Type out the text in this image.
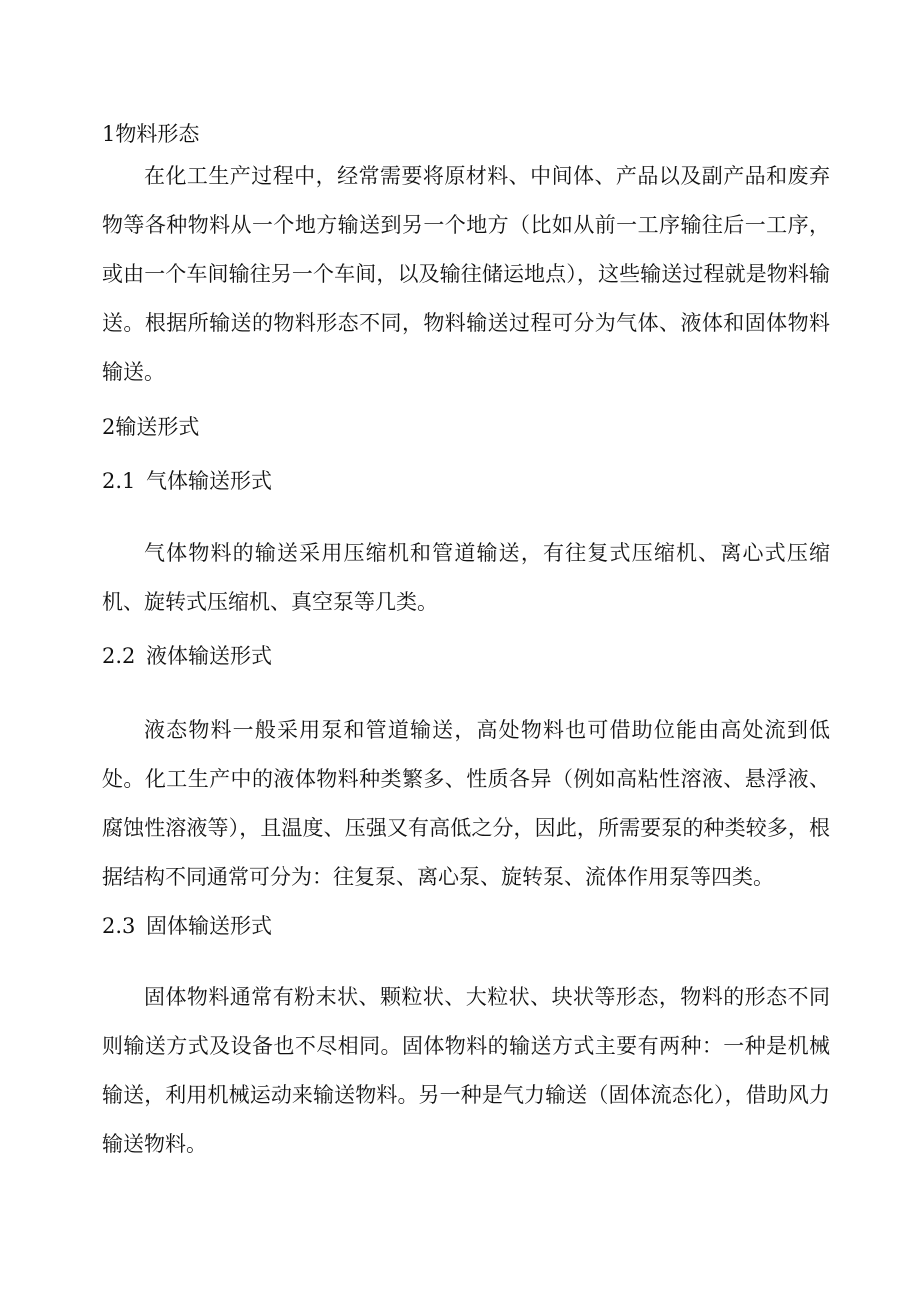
1物料形态

在化工生产过程中，经常需要将原材料、中间体、产品以及副产品和废弃物等各种物料从一个地方输送到另一个地方（比如从前一工序输往后一工序，或由一个车间输往另一个车间，以及输往储运地点），这些输送过程就是物料输送。根据所输送的物料形态不同，物料输送过程可分为气体、液体和固体物料输送。

2输送形式
2.1 气体输送形式

气体物料的输送采用压缩机和管道输送，有往复式压缩机、离心式压缩机、旋转式压缩机、真空泵等几类。

2.2 液体输送形式

液态物料一般采用泵和管道输送，高处物料也可借助位能由高处流到低处。化工生产中的液体物料种类繁多、性质各异（例如高粘性溶液、悬浮液、腐蚀性溶液等），且温度、压强又有高低之分，因此，所需要泵的种类较多，根据结构不同通常可分为：往复泵、离心泵、旋转泵、流体作用泵等四类。

2.3 固体输送形式

固体物料通常有粉末状、颗粒状、大粒状、块状等形态，物料的形态不同则输送方式及设备也不尽相同。固体物料的输送方式主要有两种：一种是机械输送，利用机械运动来输送物料。另一种是气力输送（固体流态化），借助风力输送物料。
